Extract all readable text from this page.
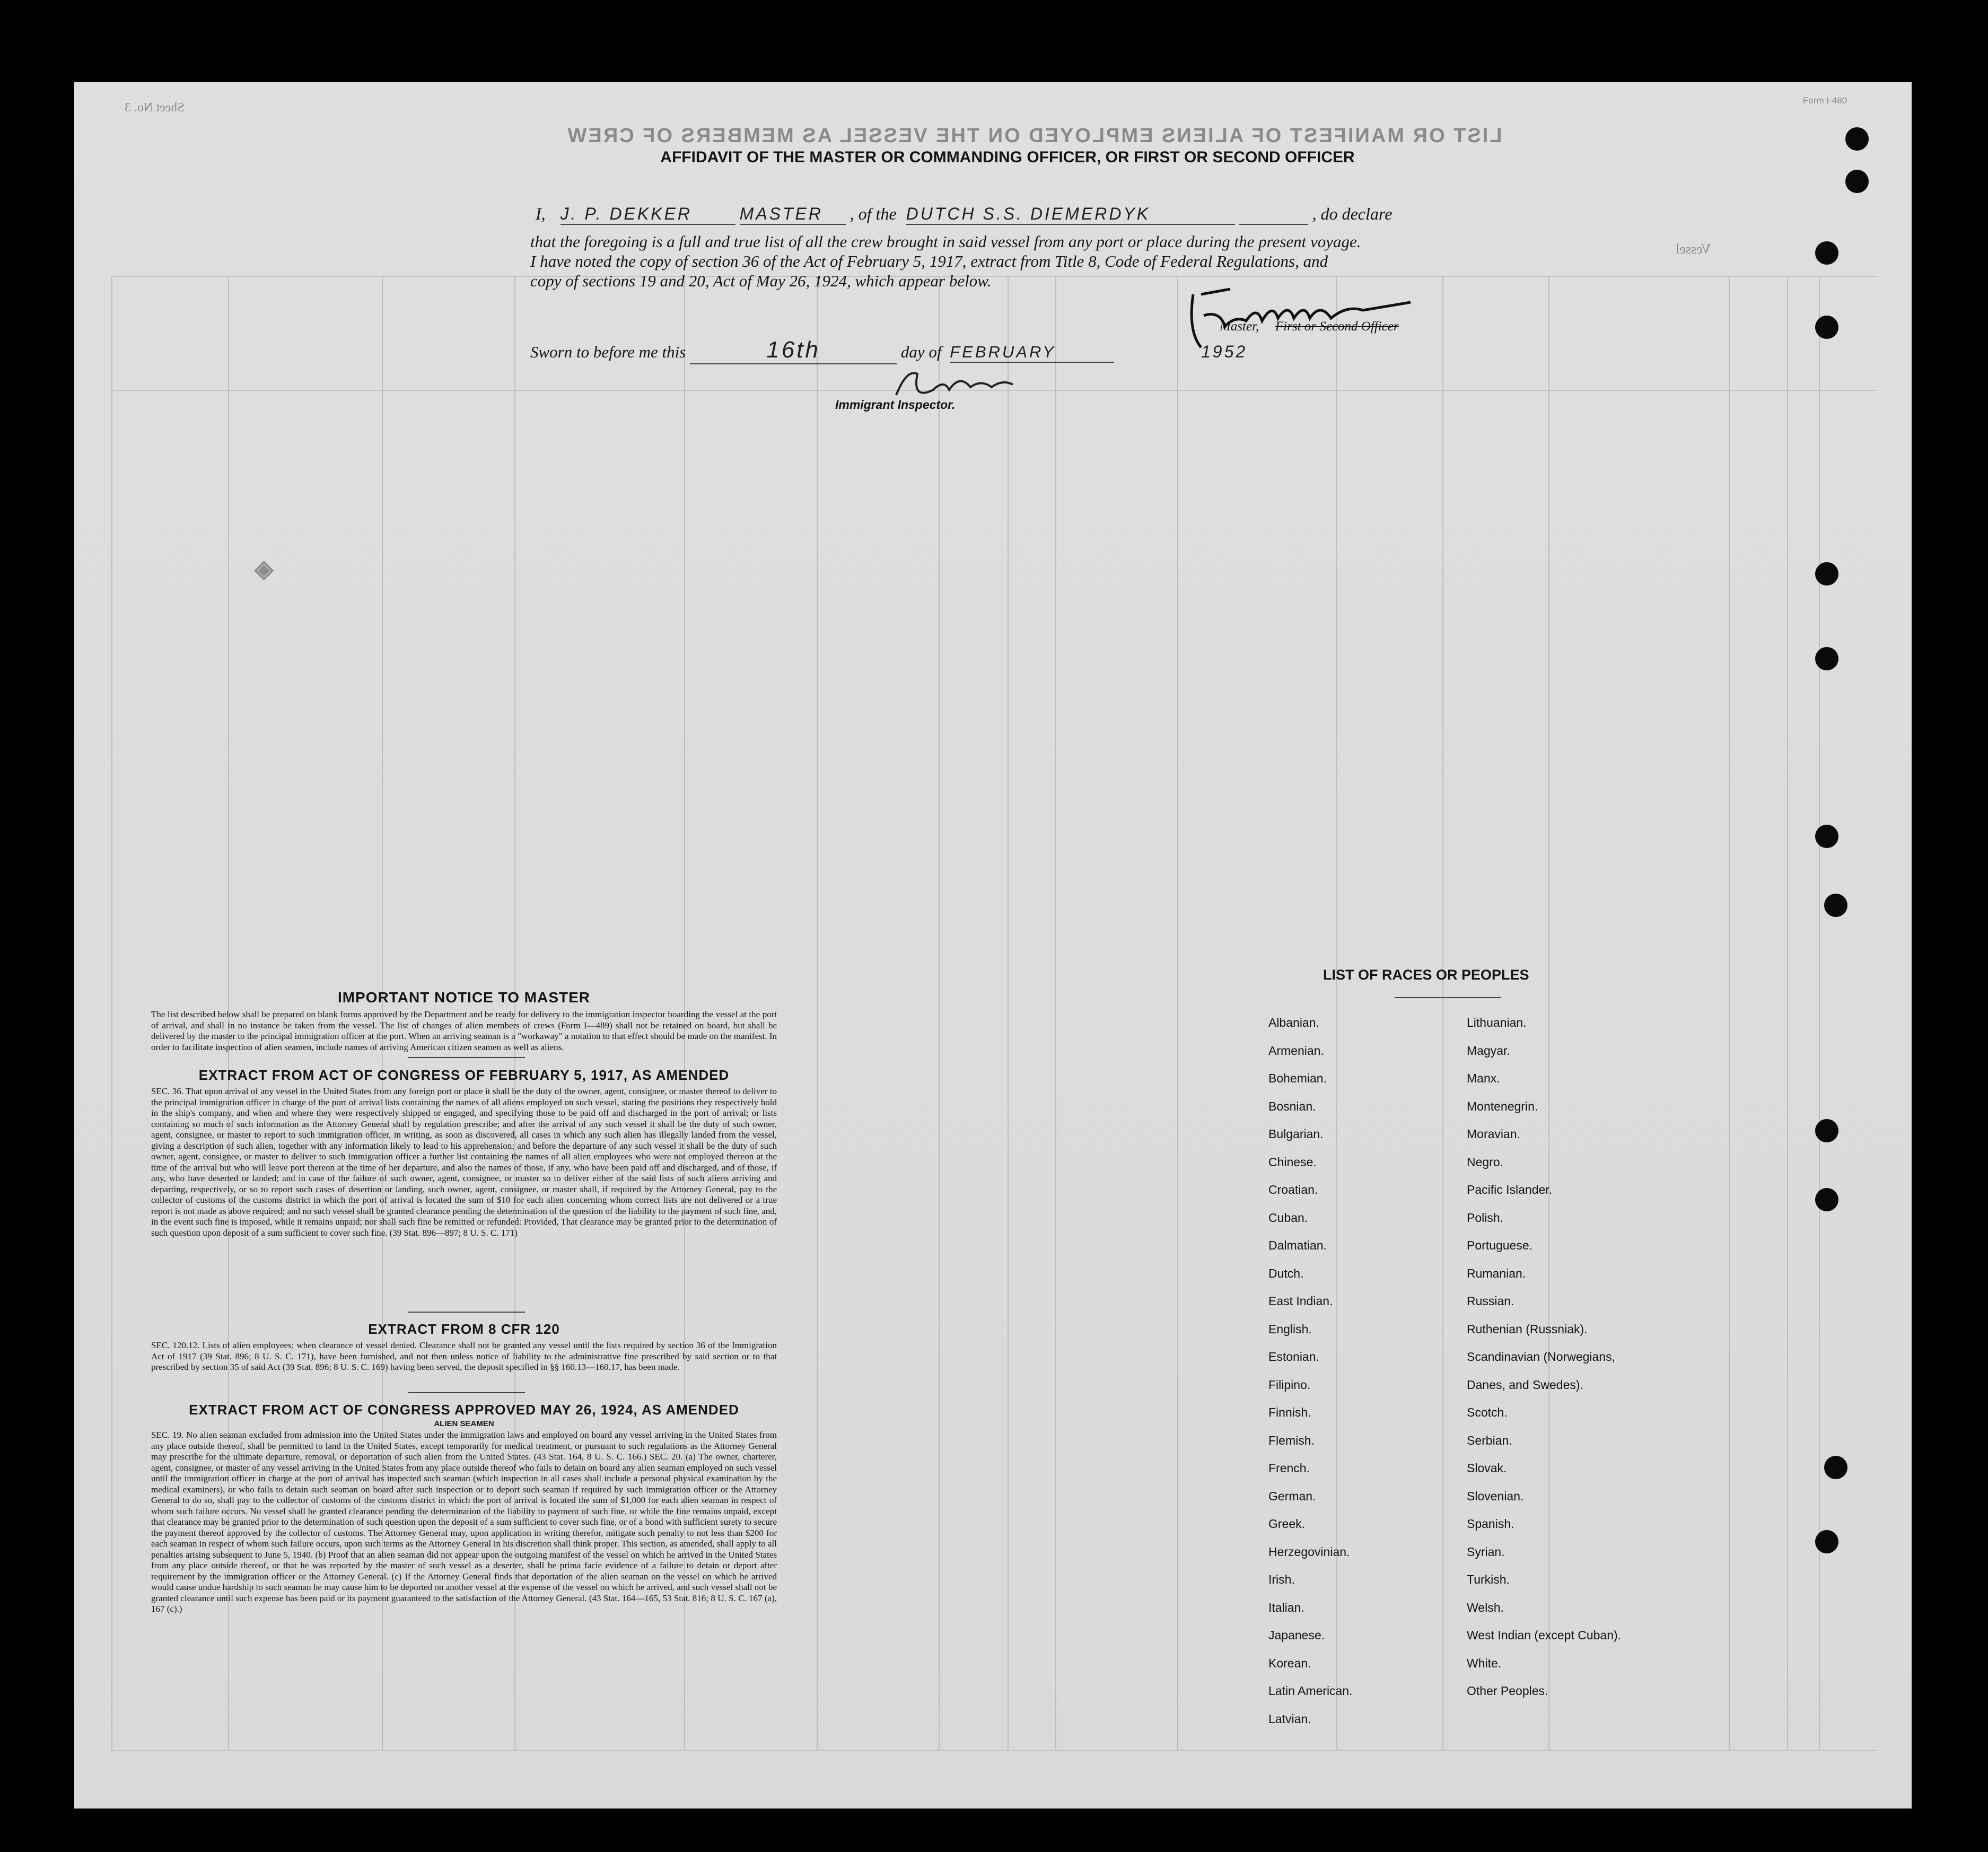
LIST OR MANIFEST OF ALIENS EMPLOYED ON THE VESSEL AS MEMBERS OF CREW
Form I-480
Sheet No. 3
Vessel
AFFIDAVIT OF THE MASTER OR COMMANDING OFFICER, OR FIRST OR SECOND OFFICER
I, J. P. DEKKER	MASTER , of the DUTCH S.S. DIEMERDYK	, do declare
that the foregoing is a full and true list of all the crew brought in said vessel from any port or place during the present voyage.
I have noted the copy of section 36 of the Act of February 5, 1917, extract from Title 8, Code of Federal Regulations, and
copy of sections 19 and 20, Act of May 26, 1924, which appear below.
Sworn to before me this	16th	day of FEBRUARY	1952
Master, First or Second Officer
Immigrant Inspector.
◈
IMPORTANT NOTICE TO MASTER
The list described below shall be prepared on blank forms approved by the Department and be ready for delivery to the immigration inspector boarding the vessel at the port of arrival, and shall in no instance be taken from the vessel. The list of changes of alien members of crews (Form I—489) shall not be retained on board, but shall be delivered by the master to the principal immigration officer at the port. When an arriving seaman is a "workaway" a notation to that effect should be made on the manifest. In order to facilitate inspection of alien seamen, include names of arriving American citizen seamen as well as aliens.
EXTRACT FROM ACT OF CONGRESS OF FEBRUARY 5, 1917, AS AMENDED
SEC. 36. That upon arrival of any vessel in the United States from any foreign port or place it shall be the duty of the owner, agent, consignee, or master thereof to deliver to the principal immigration officer in charge of the port of arrival lists containing the names of all aliens employed on such vessel, stating the positions they respectively hold in the ship's company, and when and where they were respectively shipped or engaged, and specifying those to be paid off and discharged in the port of arrival; or lists containing so much of such information as the Attorney General shall by regulation prescribe; and after the arrival of any such vessel it shall be the duty of such owner, agent, consignee, or master to report to such immigration officer, in writing, as soon as discovered, all cases in which any such alien has illegally landed from the vessel, giving a description of such alien, together with any information likely to lead to his apprehension; and before the departure of any such vessel it shall be the duty of such owner, agent, consignee, or master to deliver to such immigration officer a further list containing the names of all alien employees who were not employed thereon at the time of the arrival but who will leave port thereon at the time of her departure, and also the names of those, if any, who have been paid off and discharged, and of those, if any, who have deserted or landed; and in case of the failure of such owner, agent, consignee, or master so to deliver either of the said lists of such aliens arriving and departing, respectively, or so to report such cases of desertion or landing, such owner, agent, consignee, or master shall, if required by the Attorney General, pay to the collector of customs of the customs district in which the port of arrival is located the sum of $10 for each alien concerning whom correct lists are not delivered or a true report is not made as above required; and no such vessel shall be granted clearance pending the determination of the question of the liability to the payment of such fine, and, in the event such fine is imposed, while it remains unpaid; nor shall such fine be remitted or refunded: Provided, That clearance may be granted prior to the determination of such question upon deposit of a sum sufficient to cover such fine. (39 Stat. 896—897; 8 U. S. C. 171)
EXTRACT FROM 8 CFR 120
SEC. 120.12. Lists of alien employees; when clearance of vessel denied. Clearance shall not be granted any vessel until the lists required by section 36 of the Immigration Act of 1917 (39 Stat. 896; 8 U. S. C. 171), have been furnished, and not then unless notice of liability to the administrative fine prescribed by said section or to that prescribed by section 35 of said Act (39 Stat. 896; 8 U. S. C. 169) having been served, the deposit specified in §§ 160.13—160.17, has been made.
EXTRACT FROM ACT OF CONGRESS APPROVED MAY 26, 1924, AS AMENDED
ALIEN SEAMEN
SEC. 19. No alien seaman excluded from admission into the United States under the immigration laws and employed on board any vessel arriving in the United States from any place outside thereof, shall be permitted to land in the United States, except temporarily for medical treatment, or pursuant to such regulations as the Attorney General may prescribe for the ultimate departure, removal, or deportation of such alien from the United States. (43 Stat. 164, 8 U. S. C. 166.) SEC. 20. (a) The owner, charterer, agent, consignee, or master of any vessel arriving in the United States from any place outside thereof who fails to detain on board any alien seaman employed on such vessel until the immigration officer in charge at the port of arrival has inspected such seaman (which inspection in all cases shall include a personal physical examination by the medical examiners), or who fails to detain such seaman on board after such inspection or to deport such seaman if required by such immigration officer or the Attorney General to do so, shall pay to the collector of customs of the customs district in which the port of arrival is located the sum of $1,000 for each alien seaman in respect of whom such failure occurs. No vessel shall be granted clearance pending the determination of the liability to payment of such fine, or while the fine remains unpaid, except that clearance may be granted prior to the determination of such question upon the deposit of a sum sufficient to cover such fine, or of a bond with sufficient surety to secure the payment thereof approved by the collector of customs. The Attorney General may, upon application in writing therefor, mitigate such penalty to not less than $200 for each seaman in respect of whom such failure occurs, upon such terms as the Attorney General in his discretion shall think proper. This section, as amended, shall apply to all penalties arising subsequent to June 5, 1940. (b) Proof that an alien seaman did not appear upon the outgoing manifest of the vessel on which he arrived in the United States from any place outside thereof, or that he was reported by the master of such vessel as a deserter, shall be prima facie evidence of a failure to detain or deport after requirement by the immigration officer or the Attorney General. (c) If the Attorney General finds that deportation of the alien seaman on the vessel on which he arrived would cause undue hardship to such seaman he may cause him to be deported on another vessel at the expense of the vessel on which he arrived, and such vessel shall not be granted clearance until such expense has been paid or its payment guaranteed to the satisfaction of the Attorney General. (43 Stat. 164—165, 53 Stat. 816; 8 U. S. C. 167 (a), 167 (c).)
LIST OF RACES OR PEOPLES
Albanian.
Armenian.
Bohemian.
Bosnian.
Bulgarian.
Chinese.
Croatian.
Cuban.
Dalmatian.
Dutch.
East Indian.
English.
Estonian.
Filipino.
Finnish.
Flemish.
French.
German.
Greek.
Herzegovinian.
Irish.
Italian.
Japanese.
Korean.
Latin American.
Latvian.
Lithuanian.
Magyar.
Manx.
Montenegrin.
Moravian.
Negro.
Pacific Islander.
Polish.
Portuguese.
Rumanian.
Russian.
Ruthenian (Russniak).
Scandinavian (Norwegians,
Danes, and Swedes).
Scotch.
Serbian.
Slovak.
Slovenian.
Spanish.
Syrian.
Turkish.
Welsh.
West Indian (except Cuban).
White.
Other Peoples.
